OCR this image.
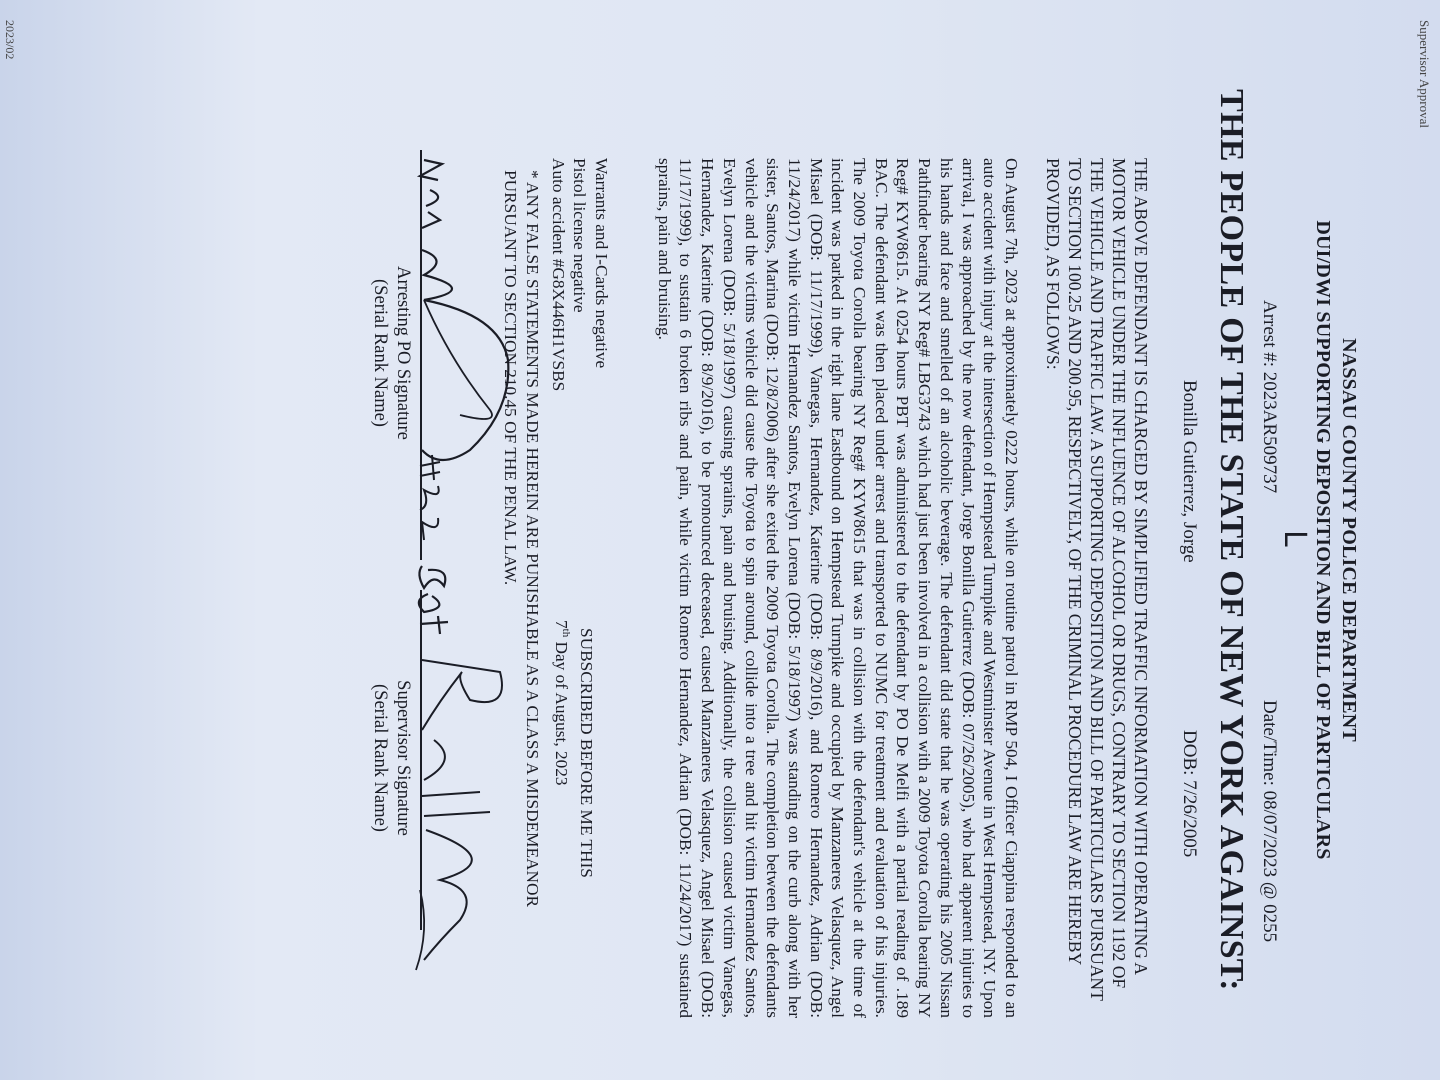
Supervisor Approval
NASSAU COUNTY POLICE DEPARTMENT
DUI/DWI SUPPORTING DEPOSITION AND BILL OF PARTICULARS
L
Arrest #: 2023AR509737
Date/Time: 08/07/2023 @ 0255
THE PEOPLE OF THE STATE OF NEW YORK AGAINST:
Bonilla Gutierrez, Jorge
DOB: 7/26/2005
THE ABOVE DEFENDANT IS CHARGED BY SIMPLIFIED TRAFFIC INFORMATION WITH OPERATING A MOTOR VEHICLE UNDER THE INFLUENCE OF ALCOHOL OR DRUGS, CONTRARY TO SECTION 1192 OF THE VEHICLE AND TRAFFIC LAW. A SUPPORTING DEPOSITION AND BILL OF PARTICULARS PURSUANT TO SECTION 100.25 AND 200.95, RESPECTIVELY, OF THE CRIMINAL PROCEDURE LAW ARE HEREBY PROVIDED, AS FOLLOWS:
On August 7th, 2023 at approximately 0222 hours, while on routine patrol in RMP 504, I Officer Ciappina responded to an auto accident with injury at the intersection of Hempstead Turnpike and Westminster Avenue in West Hempstead, NY. Upon arrival, I was approached by the now defendant, Jorge Bonilla Gutierrez (DOB: 07/26/2005), who had apparent injuries to his hands and face and smelled of an alcoholic beverage. The defendant did state that he was operating his 2005 Nissan Pathfinder bearing NY Reg# LBG3743 which had just been involved in a collision with a 2009 Toyota Corolla bearing NY Reg# KYW8615. At 0254 hours PBT was administered to the defendant by PO De Melfi with a partial reading of .189 BAC. The defendant was then placed under arrest and transported to NUMC for treatment and evaluation of his injuries. The 2009 Toyota Corolla bearing NY Reg# KYW8615 that was in collision with the defendant's vehicle at the time of incident was parked in the right lane Eastbound on Hempstead Turnpike and occupied by Manzaneres Velasquez, Angel Misael (DOB: 11/17/1999), Vanegas, Hernandez, Katerine (DOB: 8/9/2016), and Romero Hernandez, Adrian (DOB: 11/24/2017) while victim Hernandez Santos, Evelyn Lorena (DOB: 5/18/1997) was standing on the curb along with her sister, Santos, Marina (DOB: 12/8/2006) after she exited the 2009 Toyota Corolla. The completion between the defendants vehicle and the victims vehicle did cause the Toyota to spin around, collide into a tree and hit victim Hernandez Santos, Evelyn Lorena (DOB: 5/18/1997) causing sprains, pain and bruising. Additionally, the collision caused victim Vanegas, Hernandez, Katerine (DOB: 8/9/2016), to be pronounced deceased, caused Manzaneres Velasquez, Angel Misael (DOB: 11/17/1999), to sustain 6 broken ribs and pain, while victim Romero Hernandez, Adrian (DOB: 11/24/2017) sustained sprains, pain and bruising.
Warrants and I-Cards negative
Pistol license negative
Auto accident #G8X446H1VSBS
SUBSCRIBED BEFORE ME THIS
7th Day of August, 2023
* ANY FALSE STATEMENTS MADE HEREIN ARE PUNISHABLE AS A CLASS A MISDEMEANOR
PURSUANT TO SECTION 210.45 OF THE PENAL LAW.
Arresting PO Signature
(Serial Rank Name)
Supervisor Signature
(Serial Rank Name)
2023/02
